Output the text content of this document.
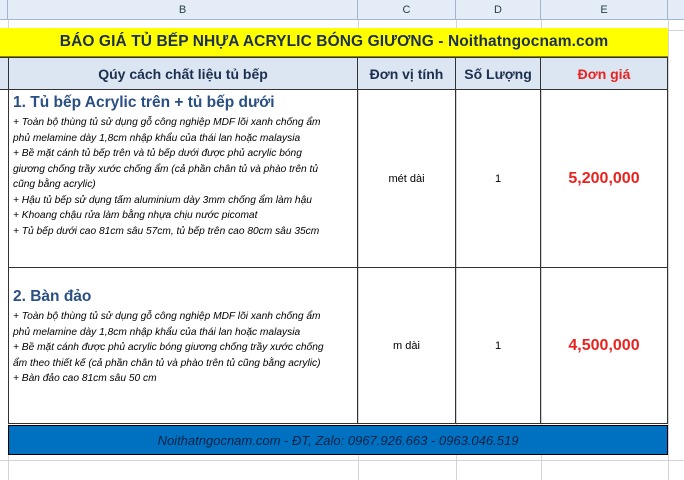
B	C	D	E
BÁO GIÁ TỦ BẾP NHỰA ACRYLIC BÓNG GIƯƠNG - Noithatngocnam.com
Qúy cách chất liệu tủ bếp	Đơn vị tính	Số Lượng	Đơn giá
1. Tủ bếp Acrylic trên + tủ bếp dưới
+ Toàn bộ thùng tủ sử dụng gỗ công nghiệp MDF lõi xanh chống ẩm
phủ melamine dày 1,8cm nhập khẩu của thái lan hoặc malaysia
+ Bề mặt cánh tủ bếp trên và tủ bếp dưới được phủ acrylic bóng
giương chống trầy xước chống ẩm (cả phần chân tủ và phào trên tủ
cũng bằng acrylic)
+ Hậu tủ bếp sử dụng tấm aluminium dày 3mm chống ẩm làm hậu
+ Khoang chậu rửa làm bằng nhựa chịu nước picomat
+ Tủ bếp dưới cao 81cm sâu 57cm, tủ bếp trên cao 80cm sâu 35cm
mét dài	1	5,200,000
2. Bàn đảo
+ Toàn bộ thùng tủ sử dụng gỗ công nghiệp MDF lõi xanh chống ẩm
phủ melamine dày 1,8cm nhập khẩu của thái lan hoặc malaysia
+ Bề mặt cánh được phủ acrylic bóng giương chống trầy xước chống
ẩm theo thiết kế (cả phần chân tủ và phào trên tủ cũng bằng acrylic)
+ Bàn đảo cao 81cm sâu 50 cm
m dài	1	4,500,000
Noithatngocnam.com - ĐT, Zalo: 0967.926.663 - 0963.046.519
